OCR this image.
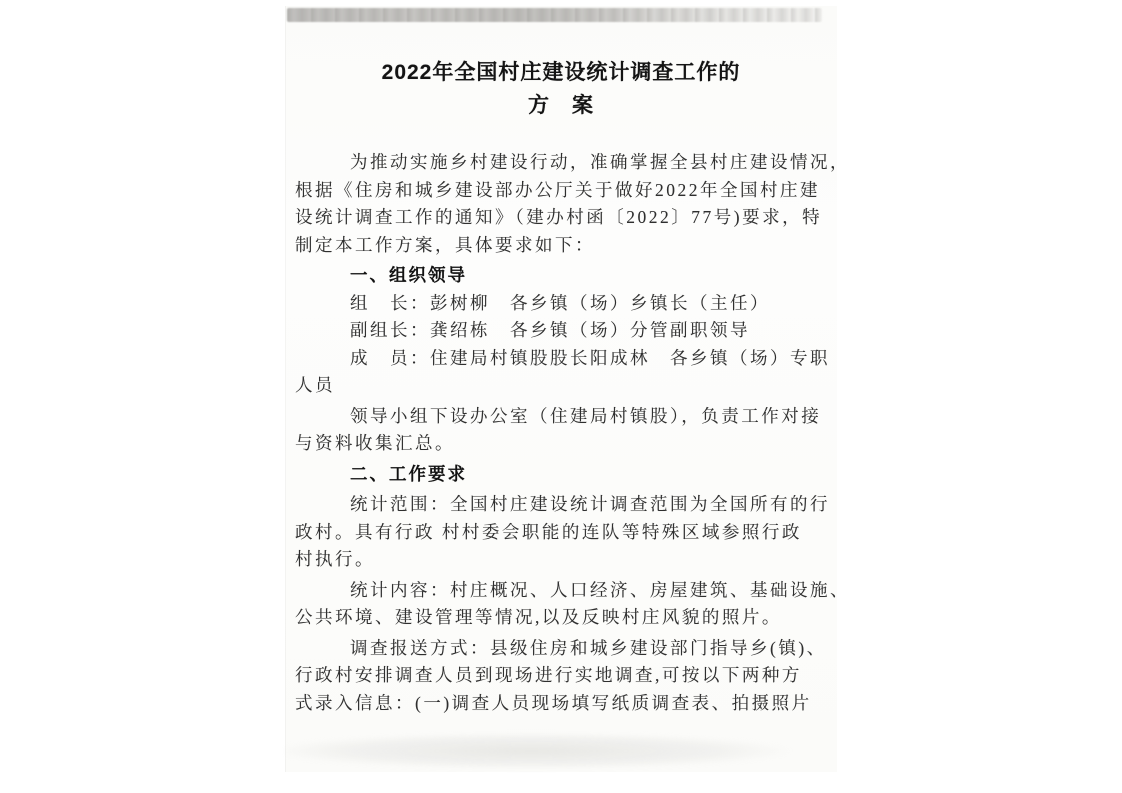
2022年全国村庄建设统计调查工作的
方　案
为推动实施乡村建设行动，准确掌握全县村庄建设情况，
根据《住房和城乡建设部办公厅关于做好2022年全国村庄建
设统计调查工作的通知》（建办村函〔2022〕77号)要求，特
制定本工作方案，具体要求如下：
一、组织领导
组　长：彭树柳　各乡镇（场）乡镇长（主任）
副组长：龚绍栋　各乡镇（场）分管副职领导
成　员：住建局村镇股股长阳成林　各乡镇（场）专职
人员
领导小组下设办公室（住建局村镇股），负责工作对接
与资料收集汇总。
二、工作要求
统计范围：全国村庄建设统计调查范围为全国所有的行
政村。具有行政 村村委会职能的连队等特殊区域参照行政
村执行。
统计内容：村庄概况、人口经济、房屋建筑、基础设施、
公共环境、建设管理等情况,以及反映村庄风貌的照片。
调查报送方式：县级住房和城乡建设部门指导乡(镇)、
行政村安排调查人员到现场进行实地调查,可按以下两种方
式录入信息：(一)调查人员现场填写纸质调查表、拍摄照片
